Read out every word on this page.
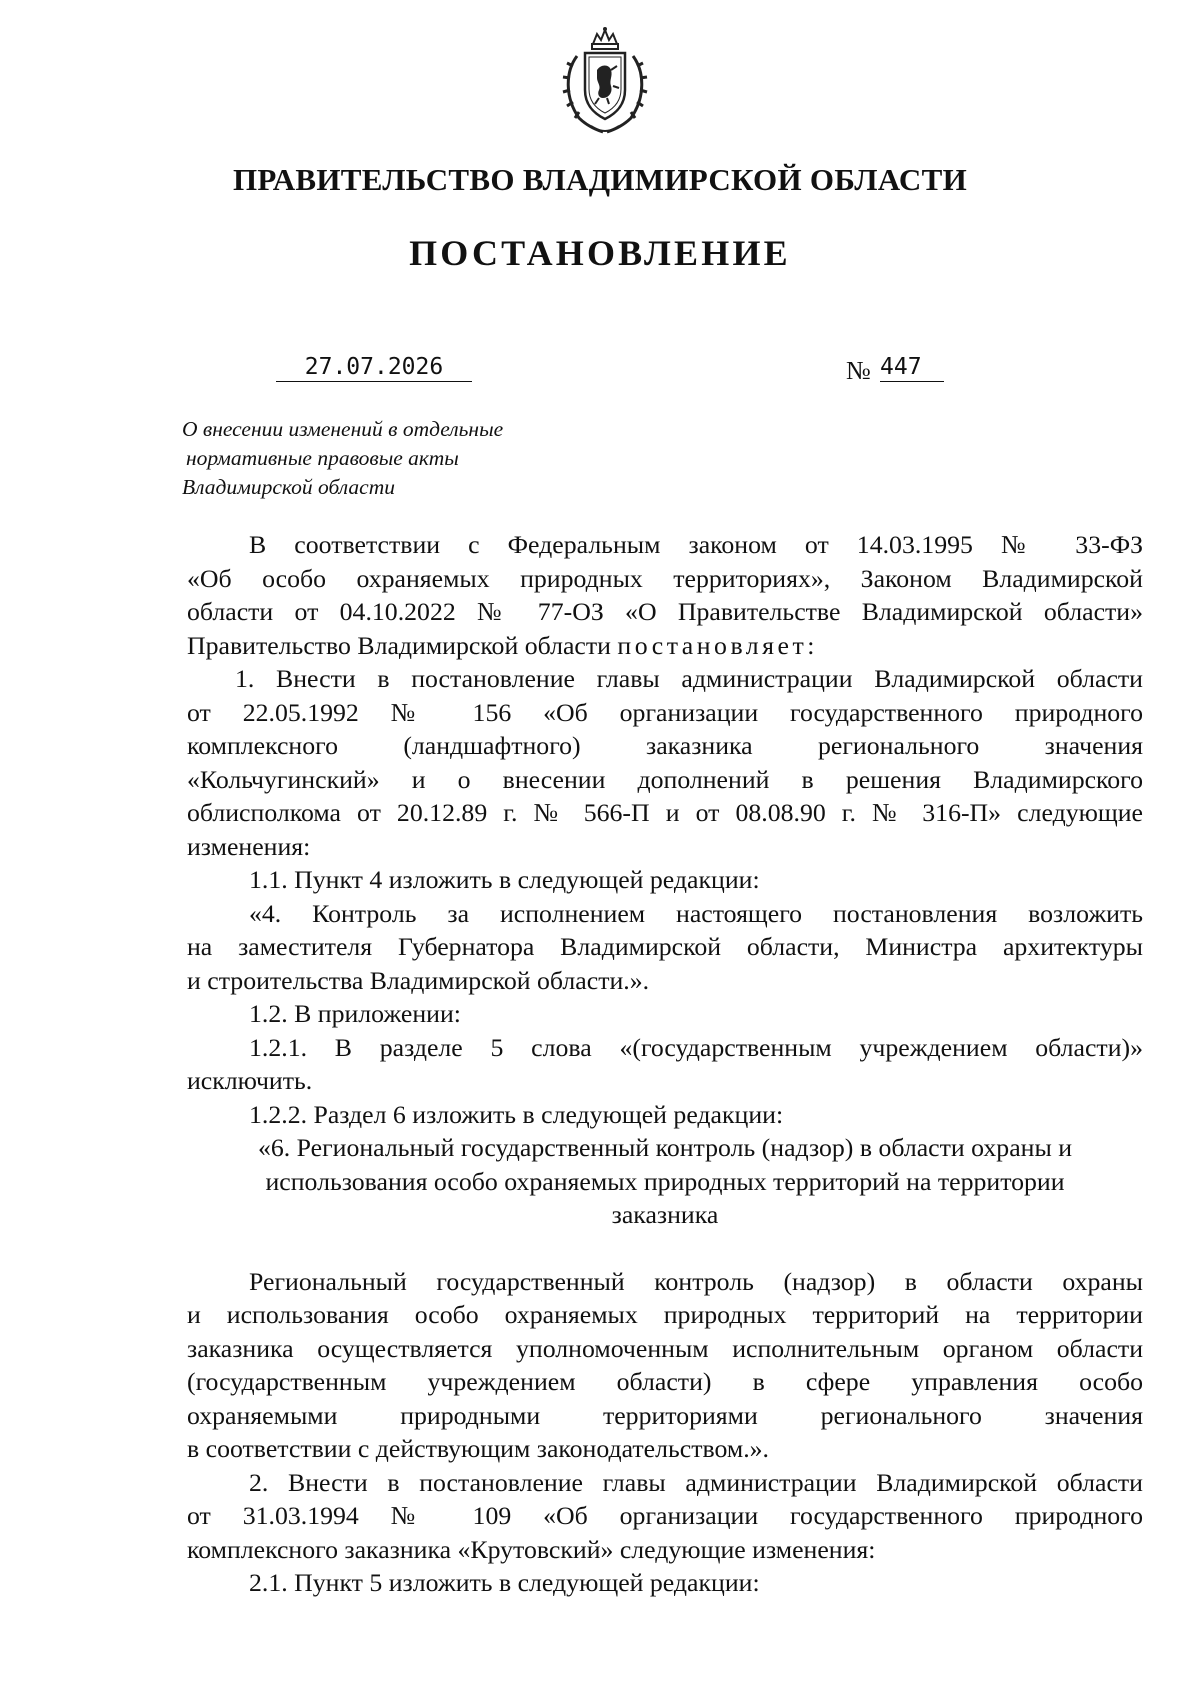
ПРАВИТЕЛЬСТВО ВЛАДИМИРСКОЙ ОБЛАСТИ
ПОСТАНОВЛЕНИЕ
27.07.2026	№ 447
О внесении изменений в отдельные
нормативные правовые акты
Владимирской области
В соответствии с Федеральным законом от 14.03.1995 № 33-ФЗ
«Об особо охраняемых природных территориях», Законом Владимирской
области от 04.10.2022 № 77-ОЗ «О Правительстве Владимирской области»
Правительство Владимирской области постановляет:
1. Внести в постановление главы администрации Владимирской области
от 22.05.1992 № 156 «Об организации государственного природного
комплексного (ландшафтного) заказника регионального значения
«Кольчугинский» и о внесении дополнений в решения Владимирского
облисполкома от 20.12.89 г. № 566-П и от 08.08.90 г. № 316-П» следующие
изменения:
1.1. Пункт 4 изложить в следующей редакции:
«4. Контроль за исполнением настоящего постановления возложить
на заместителя Губернатора Владимирской области, Министра архитектуры
и строительства Владимирской области.».
1.2. В приложении:
1.2.1. В разделе 5 слова «(государственным учреждением области)»
исключить.
1.2.2. Раздел 6 изложить в следующей редакции:
«6. Региональный государственный контроль (надзор) в области охраны и
использования особо охраняемых природных территорий на территории
заказника
Региональный государственный контроль (надзор) в области охраны
и использования особо охраняемых природных территорий на территории
заказника осуществляется уполномоченным исполнительным органом области
(государственным учреждением области) в сфере управления особо
охраняемыми природными территориями регионального значения
в соответствии с действующим законодательством.».
2. Внести в постановление главы администрации Владимирской области
от 31.03.1994 № 109 «Об организации государственного природного
комплексного заказника «Крутовский» следующие изменения:
2.1. Пункт 5 изложить в следующей редакции:
